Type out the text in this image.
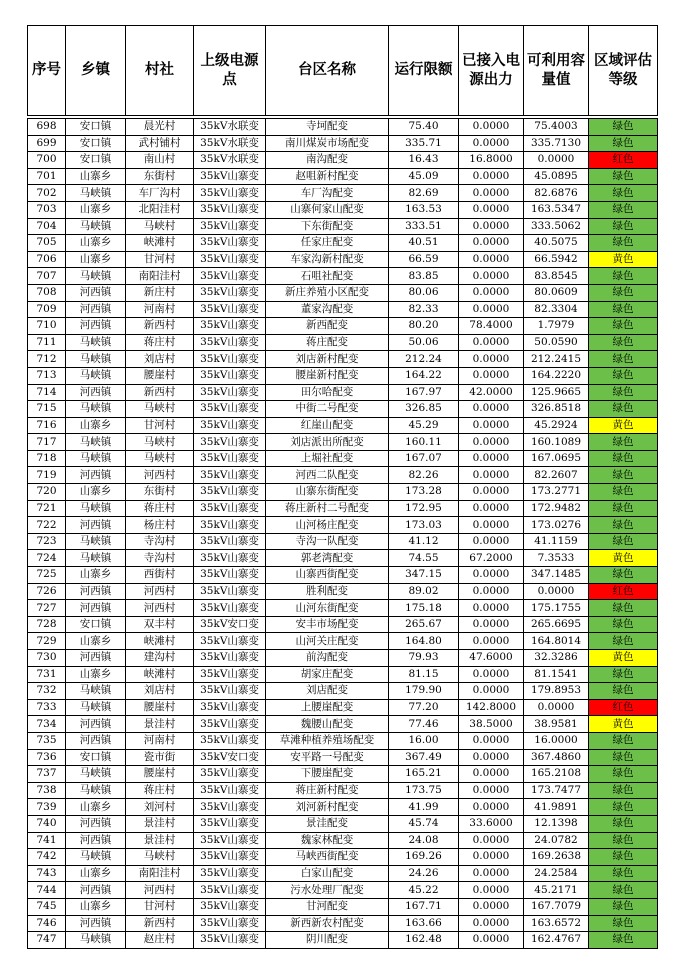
序号	乡镇	村社	上级电源点	台区名称	运行限额	已接入电源出力	可利用容量值	区域评估等级

698	安口镇	晨光村	35kV水联变	寺坷配变	75.40	0.0000	75.4003	绿色
699	安口镇	武村铺村	35kV水联变	南川煤炭市场配变	335.71	0.0000	335.7130	绿色
700	安口镇	南山村	35kV水联变	南沟配变	16.43	16.8000	0.0000	红色
701	山寨乡	东街村	35kV山寨变	赵咀新村配变	45.09	0.0000	45.0895	绿色
702	马峡镇	车厂沟村	35kV山寨变	车厂沟配变	82.69	0.0000	82.6876	绿色
703	山寨乡	北阳洼村	35kV山寨变	山寨何家山配变	163.53	0.0000	163.5347	绿色
704	马峡镇	马峡村	35kV山寨变	下东街配变	333.51	0.0000	333.5062	绿色
705	山寨乡	峡滩村	35kV山寨变	任家庄配变	40.51	0.0000	40.5075	绿色
706	山寨乡	甘河村	35kV山寨变	车家沟新村配变	66.59	0.0000	66.5942	黄色
707	马峡镇	南阳洼村	35kV山寨变	石咀社配变	83.85	0.0000	83.8545	绿色
708	河西镇	新庄村	35kV山寨变	新庄养殖小区配变	80.06	0.0000	80.0609	绿色
709	河西镇	河南村	35kV山寨变	董家沟配变	82.33	0.0000	82.3304	绿色
710	河西镇	新西村	35kV山寨变	新西配变	80.20	78.4000	1.7979	绿色
711	马峡镇	蒋庄村	35kV山寨变	蒋庄配变	50.06	0.0000	50.0590	绿色
712	马峡镇	刘店村	35kV山寨变	刘店新村配变	212.24	0.0000	212.2415	绿色
713	马峡镇	腰崖村	35kV山寨变	腰崖新村配变	164.22	0.0000	164.2220	绿色
714	河西镇	新西村	35kV山寨变	田尔哈配变	167.97	42.0000	125.9665	绿色
715	马峡镇	马峡村	35kV山寨变	中街二号配变	326.85	0.0000	326.8518	绿色
716	山寨乡	甘河村	35kV山寨变	红崖山配变	45.29	0.0000	45.2924	黄色
717	马峡镇	马峡村	35kV山寨变	刘店派出所配变	160.11	0.0000	160.1089	绿色
718	马峡镇	马峡村	35kV山寨变	上堀社配变	167.07	0.0000	167.0695	绿色
719	河西镇	河西村	35kV山寨变	河西二队配变	82.26	0.0000	82.2607	绿色
720	山寨乡	东街村	35kV山寨变	山寨东街配变	173.28	0.0000	173.2771	绿色
721	马峡镇	蒋庄村	35kV山寨变	蒋庄新村二号配变	172.95	0.0000	172.9482	绿色
722	河西镇	杨庄村	35kV山寨变	山河杨庄配变	173.03	0.0000	173.0276	绿色
723	马峡镇	寺沟村	35kV山寨变	寺沟一队配变	41.12	0.0000	41.1159	绿色
724	马峡镇	寺沟村	35kV山寨变	郭老湾配变	74.55	67.2000	7.3533	黄色
725	山寨乡	西街村	35kV山寨变	山寨西街配变	347.15	0.0000	347.1485	绿色
726	河西镇	河西村	35kV山寨变	胜利配变	89.02	0.0000	0.0000	红色
727	河西镇	河西村	35kV山寨变	山河东街配变	175.18	0.0000	175.1755	绿色
728	安口镇	双丰村	35kV安口变	安丰市场配变	265.67	0.0000	265.6695	绿色
729	山寨乡	峡滩村	35kV山寨变	山河关庄配变	164.80	0.0000	164.8014	绿色
730	河西镇	建沟村	35kV山寨变	前沟配变	79.93	47.6000	32.3286	黄色
731	山寨乡	峡滩村	35kV山寨变	胡家庄配变	81.15	0.0000	81.1541	绿色
732	马峡镇	刘店村	35kV山寨变	刘店配变	179.90	0.0000	179.8953	绿色
733	马峡镇	腰崖村	35kV山寨变	上腰崖配变	77.20	142.8000	0.0000	红色
734	河西镇	景洼村	35kV山寨变	魏腰山配变	77.46	38.5000	38.9581	黄色
735	河西镇	河南村	35kV山寨变	草滩种植养殖场配变	16.00	0.0000	16.0000	绿色
736	安口镇	瓷市街	35kV安口变	安平路一号配变	367.49	0.0000	367.4860	绿色
737	马峡镇	腰崖村	35kV山寨变	下腰崖配变	165.21	0.0000	165.2108	绿色
738	马峡镇	蒋庄村	35kV山寨变	蒋庄新村配变	173.75	0.0000	173.7477	绿色
739	山寨乡	刘河村	35kV山寨变	刘河新村配变	41.99	0.0000	41.9891	绿色
740	河西镇	景洼村	35kV山寨变	景洼配变	45.74	33.6000	12.1398	绿色
741	河西镇	景洼村	35kV山寨变	魏家林配变	24.08	0.0000	24.0782	绿色
742	马峡镇	马峡村	35kV山寨变	马峡西街配变	169.26	0.0000	169.2638	绿色
743	山寨乡	南阳洼村	35kV山寨变	白家山配变	24.26	0.0000	24.2584	绿色
744	河西镇	河西村	35kV山寨变	污水处理厂配变	45.22	0.0000	45.2171	绿色
745	山寨乡	甘河村	35kV山寨变	甘河配变	167.71	0.0000	167.7079	绿色
746	河西镇	新西村	35kV山寨变	新西新农村配变	163.66	0.0000	163.6572	绿色
747	马峡镇	赵庄村	35kV山寨变	阴川配变	162.48	0.0000	162.4767	绿色
